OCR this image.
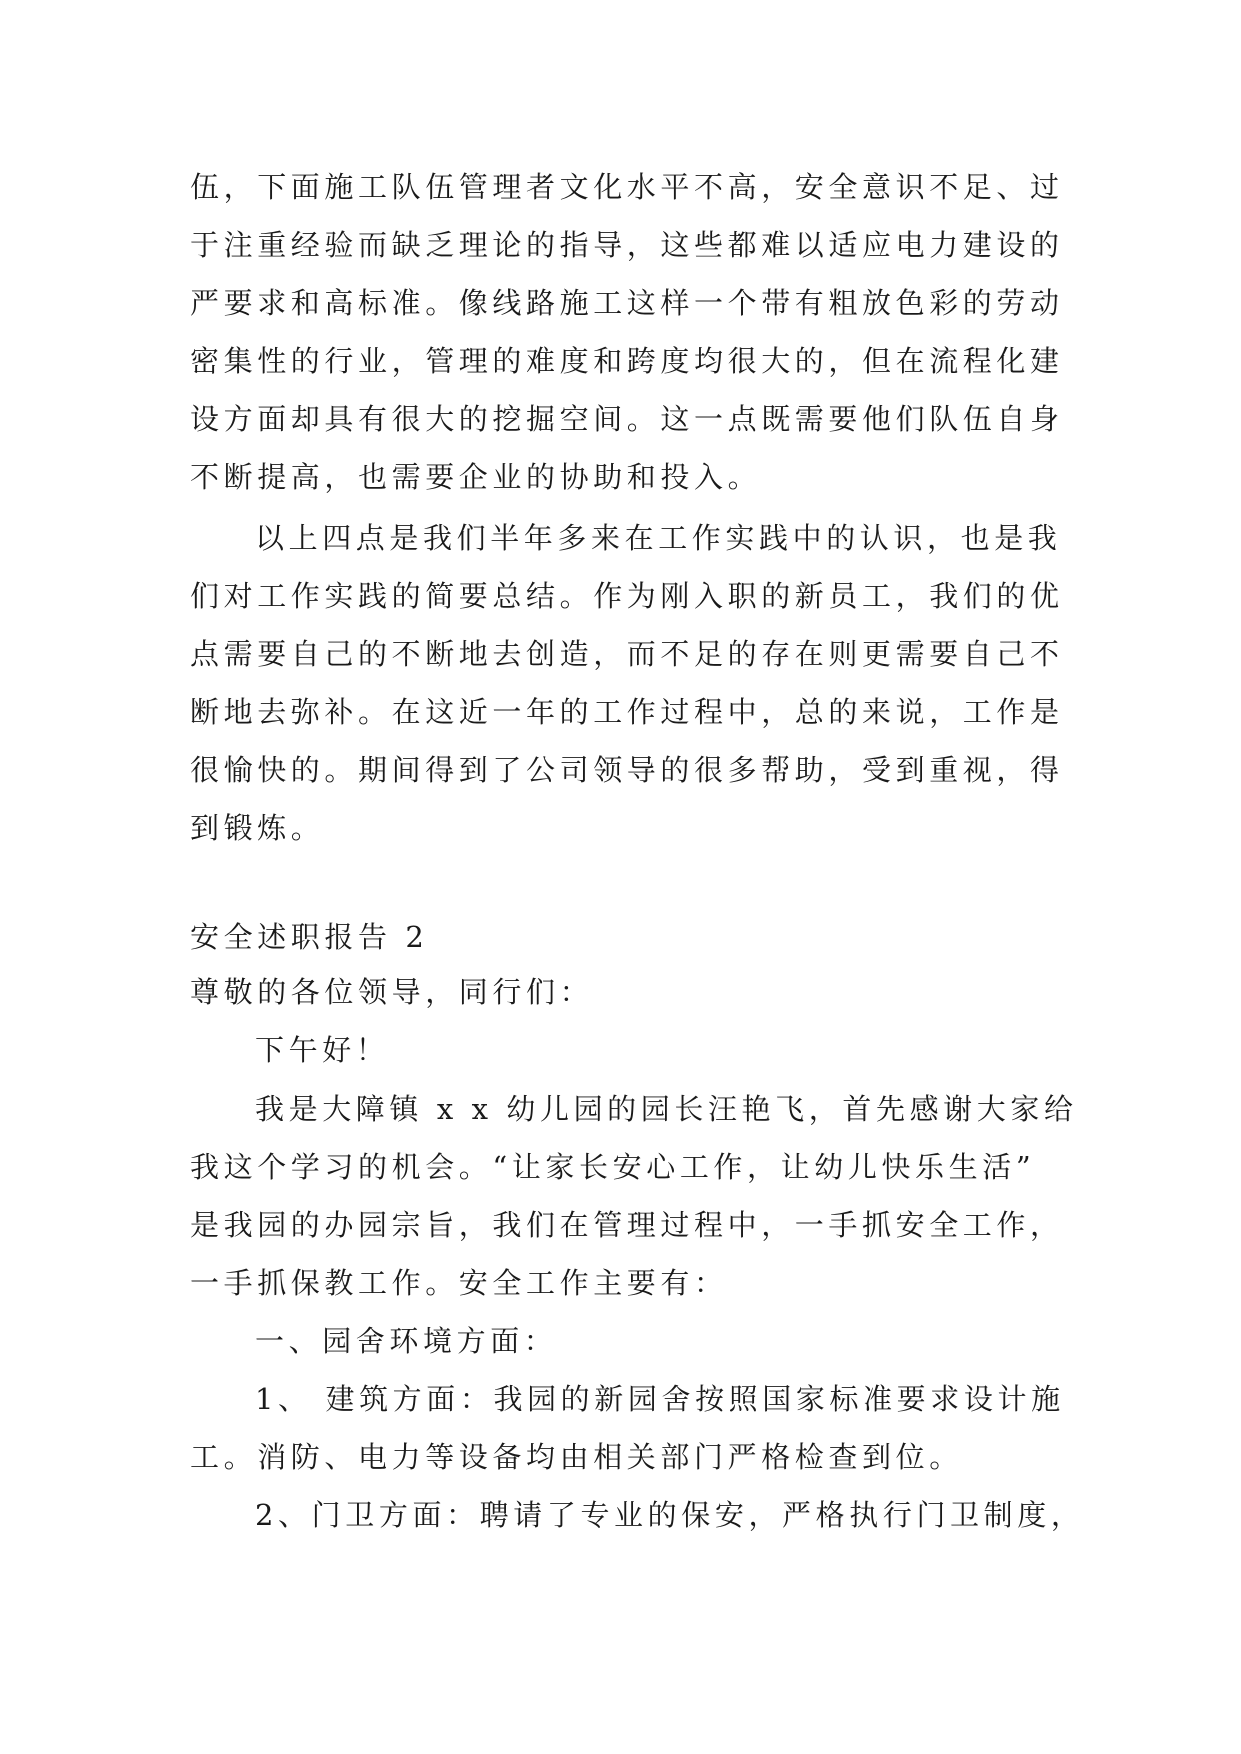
伍，下面施工队伍管理者文化水平不高，安全意识不足、过
于注重经验而缺乏理论的指导，这些都难以适应电力建设的
严要求和高标准。像线路施工这样一个带有粗放色彩的劳动
密集性的行业，管理的难度和跨度均很大的，但在流程化建
设方面却具有很大的挖掘空间。这一点既需要他们队伍自身
不断提高，也需要企业的协助和投入。
以上四点是我们半年多来在工作实践中的认识，也是我
们对工作实践的简要总结。作为刚入职的新员工，我们的优
点需要自己的不断地去创造，而不足的存在则更需要自己不
断地去弥补。在这近一年的工作过程中，总的来说，工作是
很愉快的。期间得到了公司领导的很多帮助，受到重视，得
到锻炼。
安全述职报告 2
尊敬的各位领导，同行们：
下午好！
我是大障镇 x x 幼儿园的园长汪艳飞，首先感谢大家给
我这个学习的机会。“让家长安心工作，让幼儿快乐生活”
是我园的办园宗旨，我们在管理过程中，一手抓安全工作，
一手抓保教工作。安全工作主要有：
一、园舍环境方面：
1、 建筑方面：我园的新园舍按照国家标准要求设计施
工。消防、电力等设备均由相关部门严格检查到位。
2、门卫方面：聘请了专业的保安，严格执行门卫制度，
